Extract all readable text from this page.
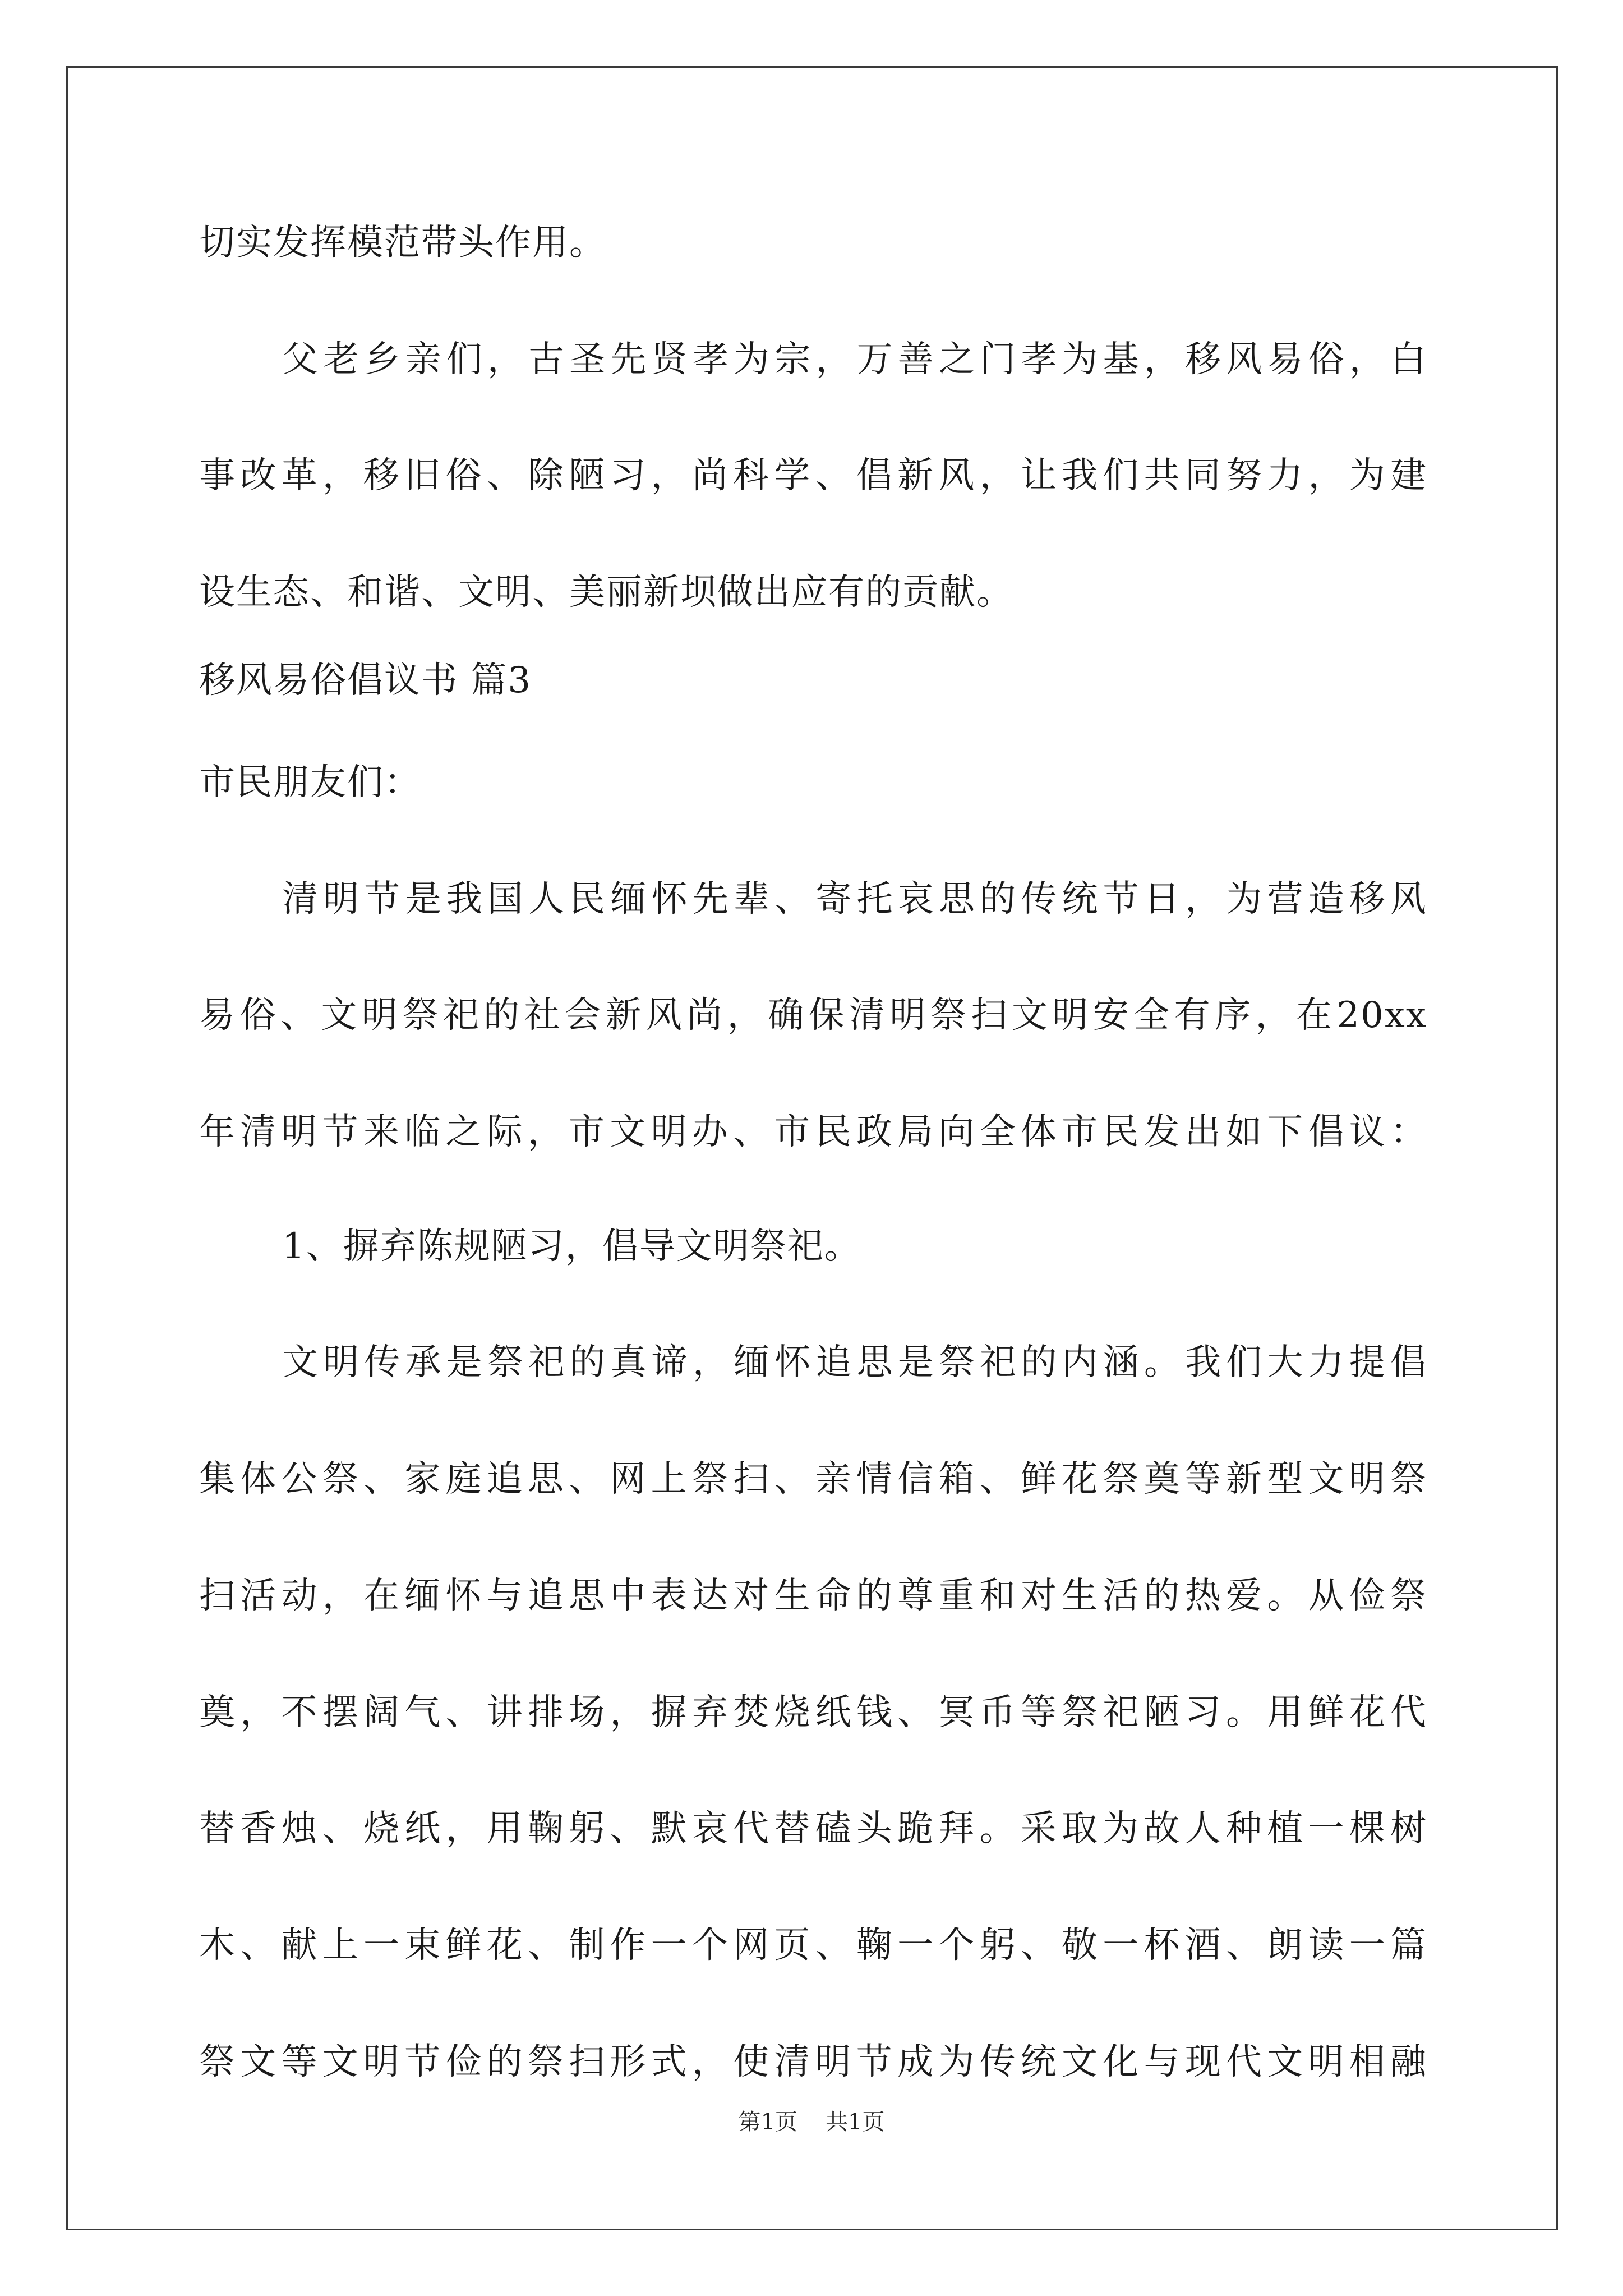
切实发挥模范带头作用。
父老乡亲们，古圣先贤孝为宗，万善之门孝为基，移风易俗，白
事改革，移旧俗、除陋习，尚科学、倡新风，让我们共同努力，为建
设生态、和谐、文明、美丽新坝做出应有的贡献。
移风易俗倡议书 篇3
市民朋友们：
清明节是我国人民缅怀先辈、寄托哀思的传统节日，为营造移风
易俗、文明祭祀的社会新风尚，确保清明祭扫文明安全有序，在20xx
年清明节来临之际，市文明办、市民政局向全体市民发出如下倡议：
1、摒弃陈规陋习，倡导文明祭祀。
文明传承是祭祀的真谛，缅怀追思是祭祀的内涵。我们大力提倡
集体公祭、家庭追思、网上祭扫、亲情信箱、鲜花祭奠等新型文明祭
扫活动，在缅怀与追思中表达对生命的尊重和对生活的热爱。从俭祭
奠，不摆阔气、讲排场，摒弃焚烧纸钱、冥币等祭祀陋习。用鲜花代
替香烛、烧纸，用鞠躬、默哀代替磕头跪拜。采取为故人种植一棵树
木、献上一束鲜花、制作一个网页、鞠一个躬、敬一杯酒、朗读一篇
祭文等文明节俭的祭扫形式，使清明节成为传统文化与现代文明相融
第1页 共1页
